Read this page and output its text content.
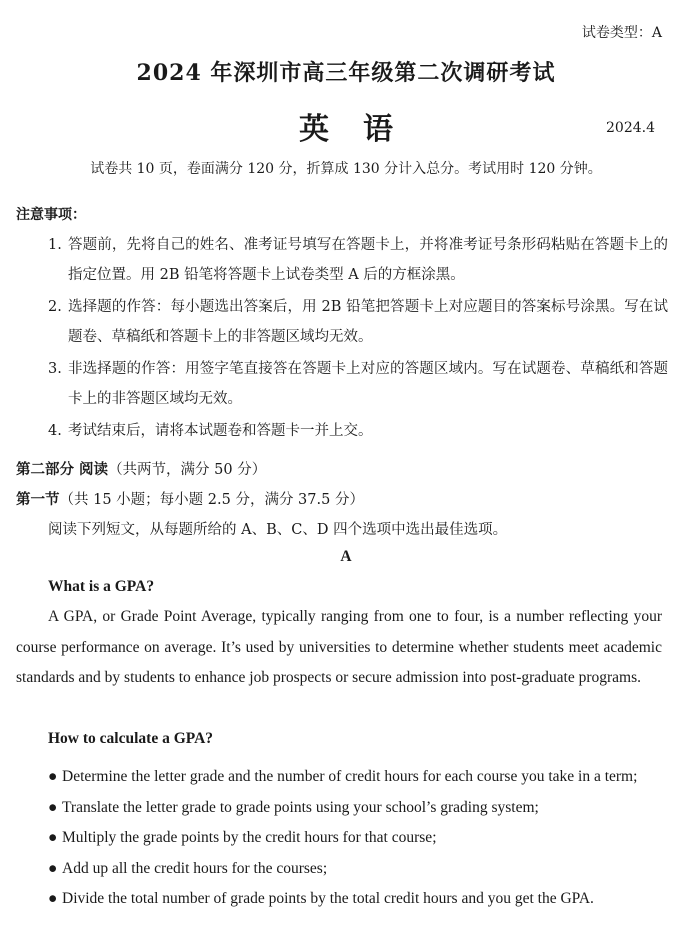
试卷类型：A
2024 年深圳市高三年级第二次调研考试
英语	2024.4
试卷共 10 页，卷面满分 120 分，折算成 130 分计入总分。考试用时 120 分钟。
注意事项：
1. 答题前，先将自己的姓名、准考证号填写在答题卡上，并将准考证号条形码粘贴在答题卡上的指定位置。用 2B 铅笔将答题卡上试卷类型 A 后的方框涂黑。
2. 选择题的作答：每小题选出答案后，用 2B 铅笔把答题卡上对应题目的答案标号涂黑。写在试题卷、草稿纸和答题卡上的非答题区域均无效。
3. 非选择题的作答：用签字笔直接答在答题卡上对应的答题区域内。写在试题卷、草稿纸和答题卡上的非答题区域均无效。
4. 考试结束后，请将本试题卷和答题卡一并上交。
第二部分 阅读（共两节，满分 50 分）
第一节（共 15 小题；每小题 2.5 分，满分 37.5 分）
阅读下列短文，从每题所给的 A、B、C、D 四个选项中选出最佳选项。
A
What is a GPA?
A GPA, or Grade Point Average, typically ranging from one to four, is a number reflecting your course performance on average. It’s used by universities to determine whether students meet academic standards and by students to enhance job prospects or secure admission into post-graduate programs.
How to calculate a GPA?
● Determine the letter grade and the number of credit hours for each course you take in a term;
● Translate the letter grade to grade points using your school’s grading system;
● Multiply the grade points by the credit hours for that course;
● Add up all the credit hours for the courses;
● Divide the total number of grade points by the total credit hours and you get the GPA.
